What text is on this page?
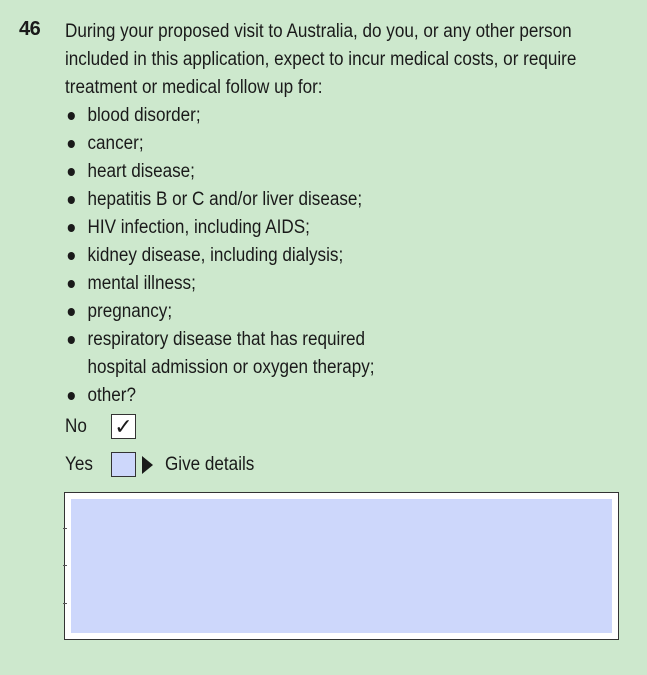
46 During your proposed visit to Australia, do you, or any other person

included in this application, expect to incur medical costs, or require

treatment or medical follow up for:

blood disorder;
cancer;
heart disease;
hepatitis B or C and/or liver disease;
HIV infection, including AIDS;
kidney disease, including dialysis;
mental illness;
pregnancy;
respiratory disease that has required
hospital admission or oxygen therapy;
other?
No	✓
Yes	Give details
